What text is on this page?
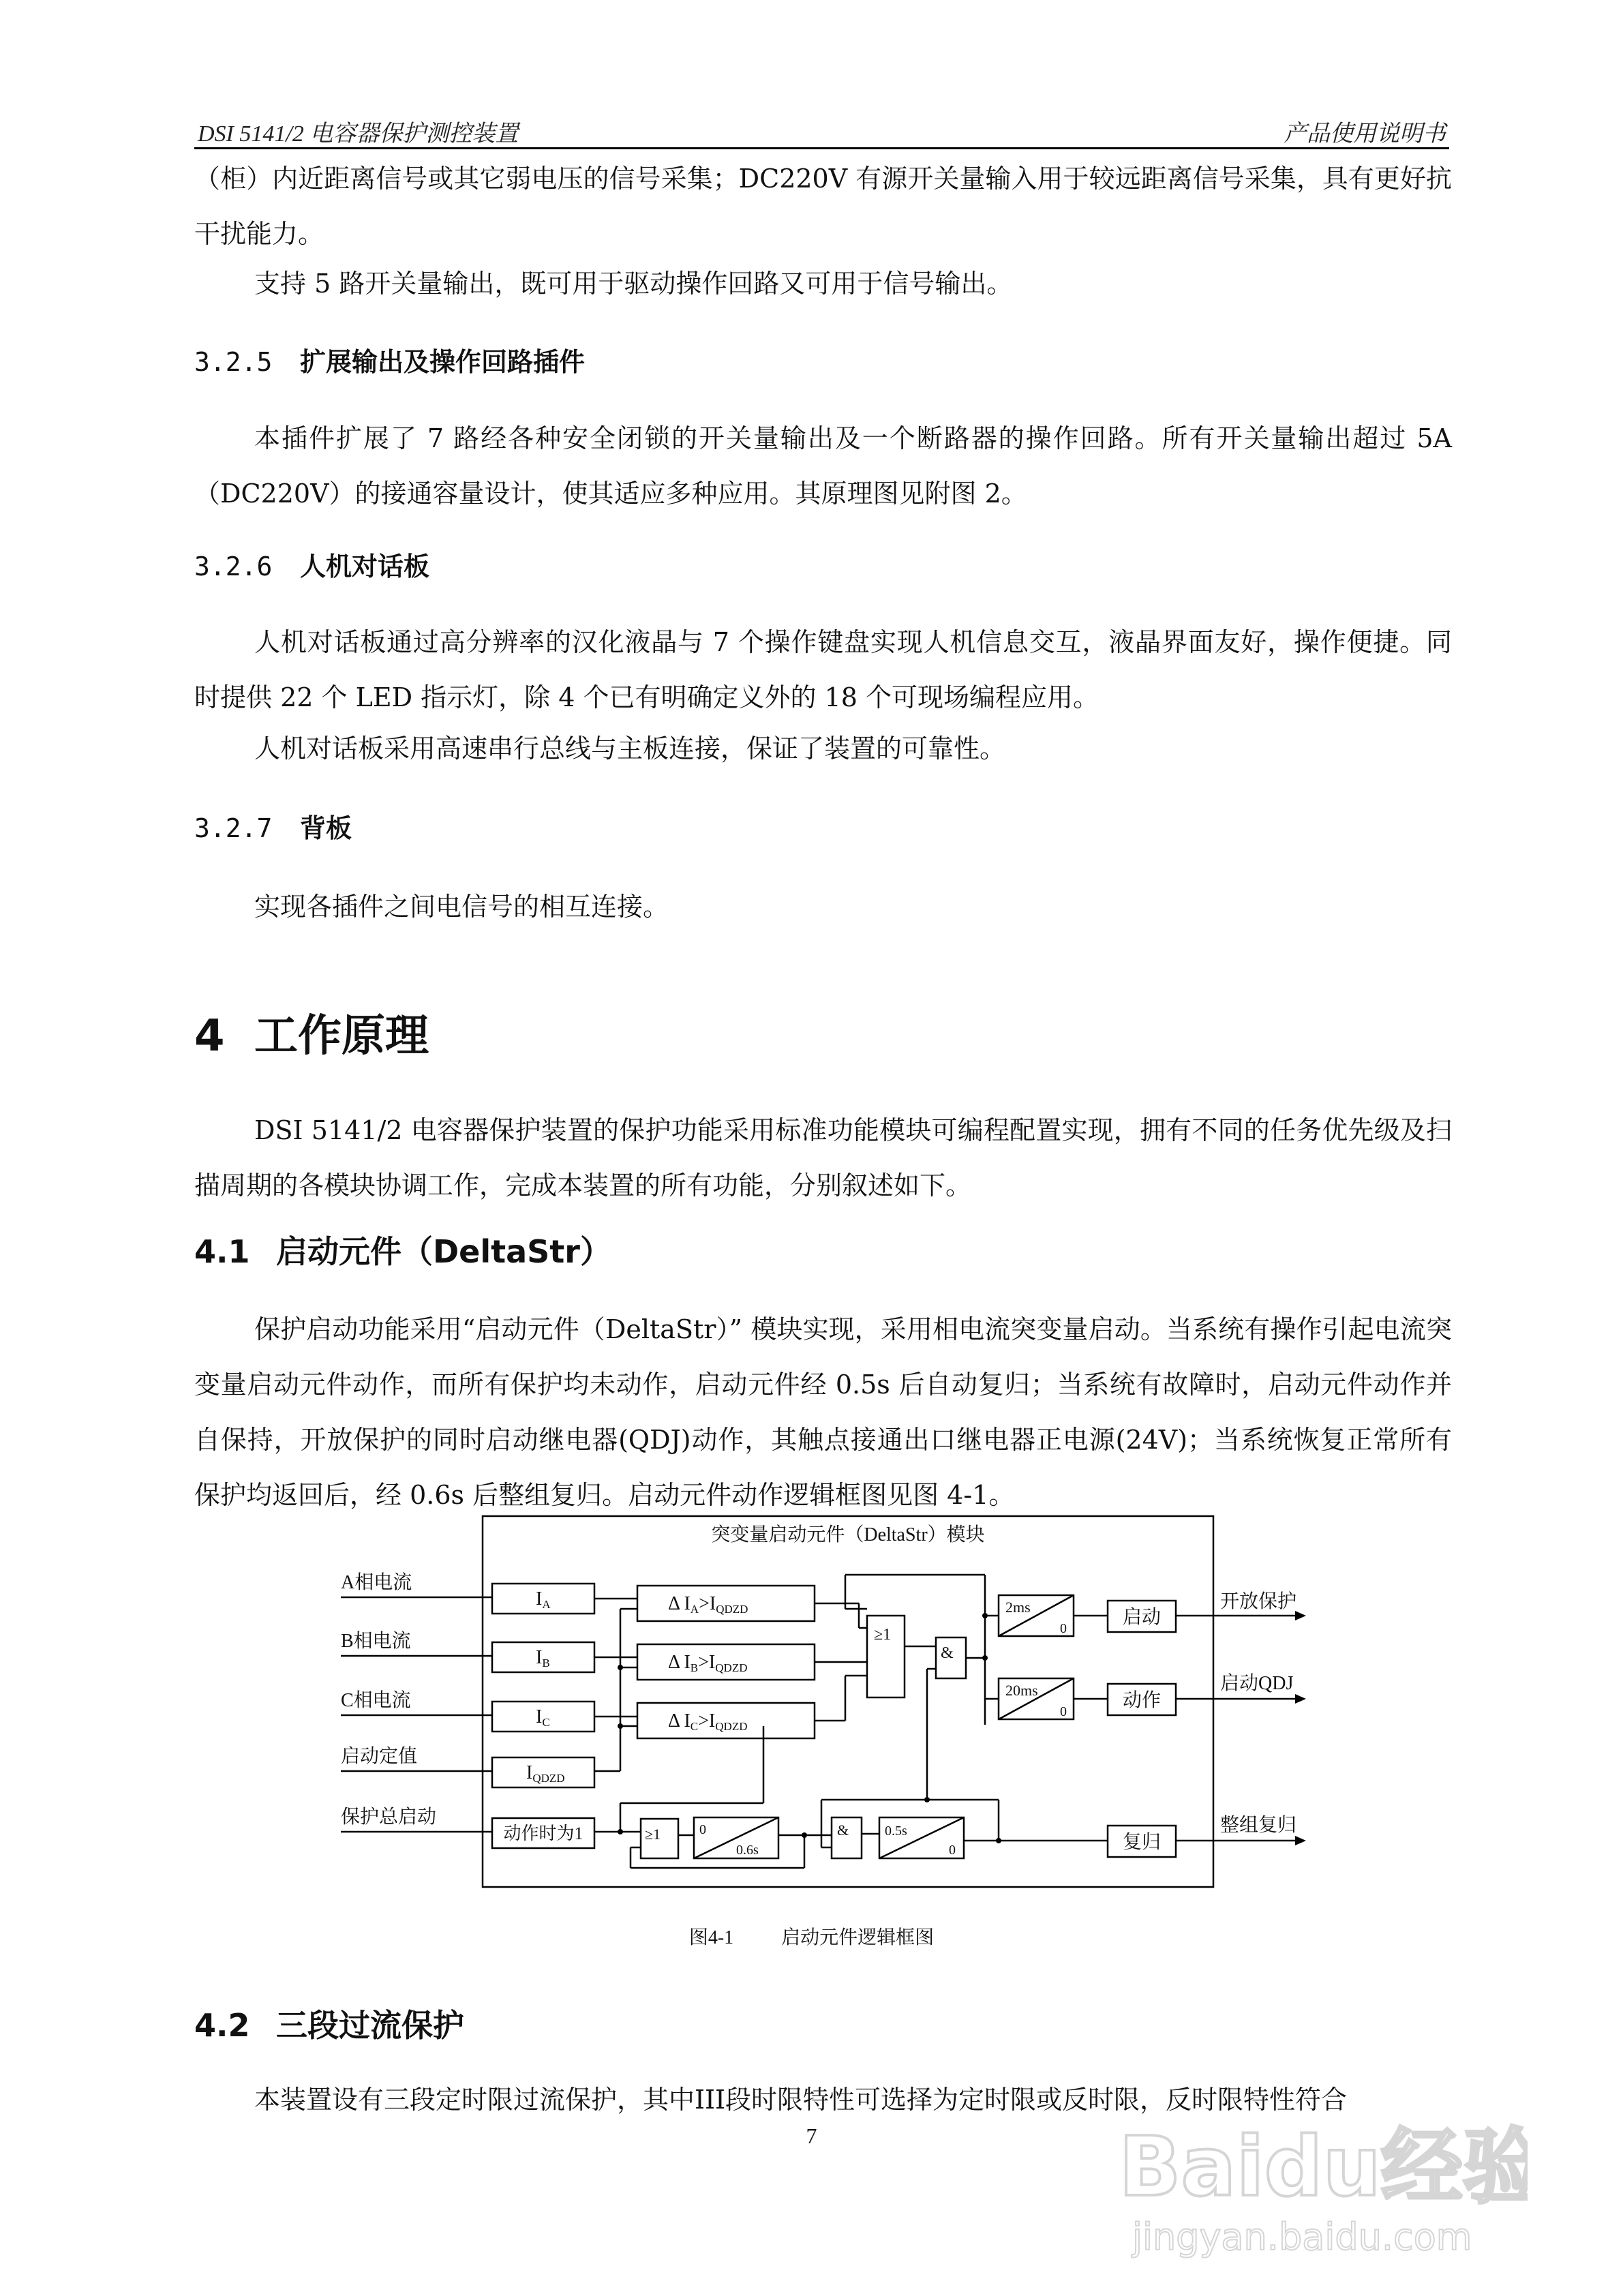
DSI 5141/2 电容器保护测控装置	产品使用说明书
（柜）内近距离信号或其它弱电压的信号采集；DC220V 有源开关量输入用于较远距离信号采集，具有更好抗干扰能力。
支持 5 路开关量输出，既可用于驱动操作回路又可用于信号输出。
3.2.5 扩展输出及操作回路插件
本插件扩展了 7 路经各种安全闭锁的开关量输出及一个断路器的操作回路。所有开关量输出超过 5A（DC220V）的接通容量设计，使其适应多种应用。其原理图见附图 2。
3.2.6 人机对话板
人机对话板通过高分辨率的汉化液晶与 7 个操作键盘实现人机信息交互，液晶界面友好，操作便捷。同时提供 22 个 LED 指示灯，除 4 个已有明确定义外的 18 个可现场编程应用。
人机对话板采用高速串行总线与主板连接，保证了装置的可靠性。
3.2.7 背板
实现各插件之间电信号的相互连接。
4 工作原理
DSI 5141/2 电容器保护装置的保护功能采用标准功能模块可编程配置实现，拥有不同的任务优先级及扫描周期的各模块协调工作，完成本装置的所有功能，分别叙述如下。
4.1 启动元件（DeltaStr）
保护启动功能采用“启动元件（DeltaStr）” 模块实现，采用相电流突变量启动。当系统有操作引起电流突变量启动元件动作，而所有保护均未动作，启动元件经 0.5s 后自动复归；当系统有故障时，启动元件动作并自保持，开放保护的同时启动继电器(QDJ)动作，其触点接通出口继电器正电源(24V)；当系统恢复正常所有保护均返回后，经 0.6s 后整组复归。启动元件动作逻辑框图见图 4-1。
突变量启动元件（DeltaStr）模块
A相电流
B相电流
C相电流
启动定值
保护总启动
IA
IB
IC
IQDZD
动作时为1
Δ IA>IQDZD
Δ IB>IQDZD
Δ IC>IQDZD
≥1
&
2ms
0
20ms
0
启动
动作
复归
≥1	0
0.6s
&	0.5s
0
开放保护
启动QDJ
整组复归
图4-1	启动元件逻辑框图
4.2 三段过流保护
本装置设有三段定时限过流保护，其中III段时限特性可选择为定时限或反时限，反时限特性符合
7	Baidu经验
jingyan.baidu.com
